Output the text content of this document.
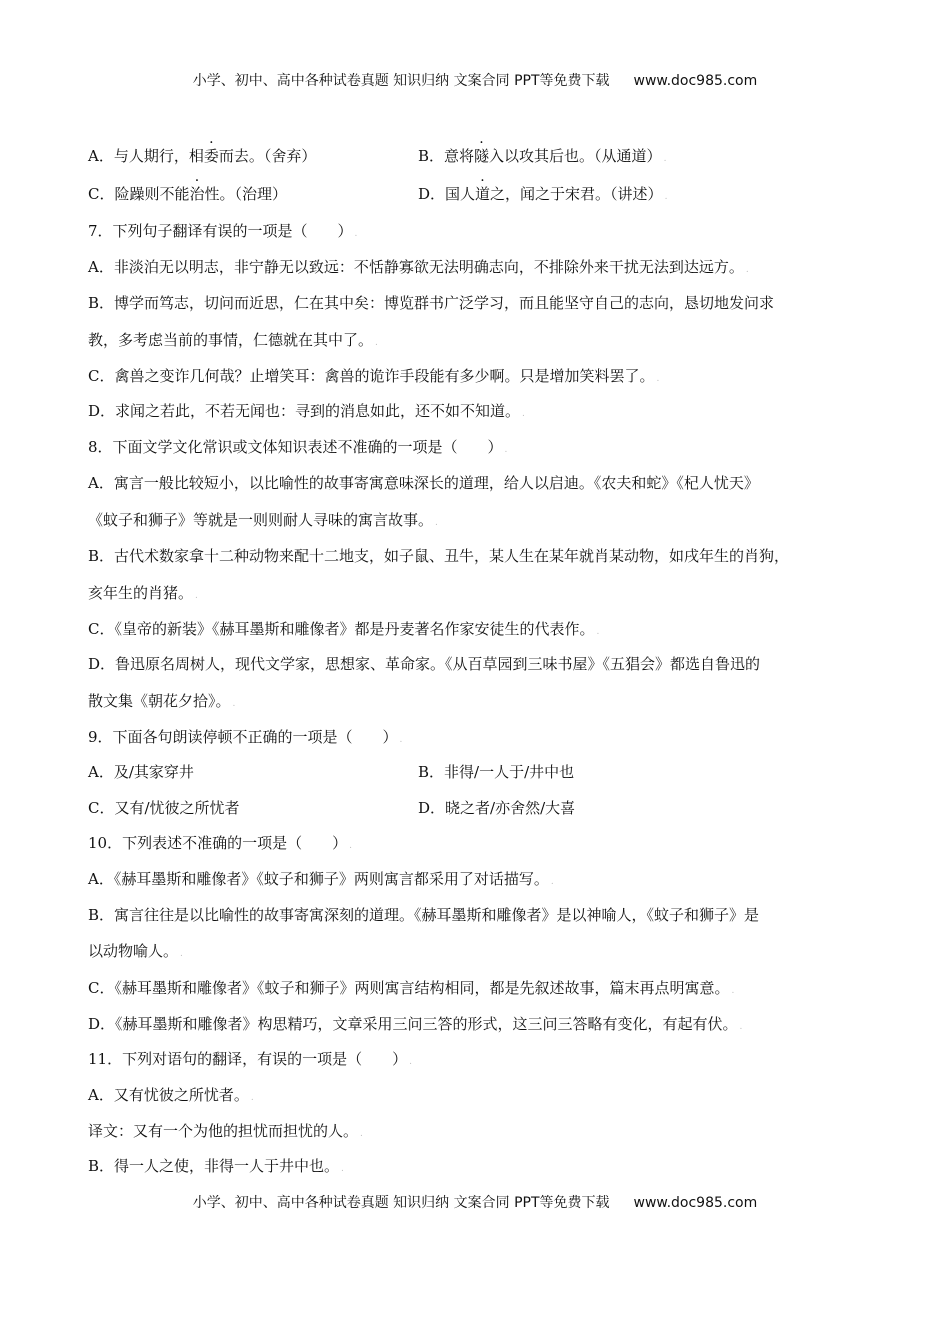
小学、初中、高中各种试卷真题 知识归纳 文案合同 PPT等免费下载 www.doc985.com
A．与人期行，相委而去。（舍弃）	B．意将隧入以攻其后也。（从通道） .
C．险躁则不能治性。（治理）	D．国人道之，闻之于宋君。（讲述） .
7．下列句子翻译有误的一项是（　　） .
A．非淡泊无以明志，非宁静无以致远：不恬静寡欲无法明确志向，不排除外来干扰无法到达远方。 .
B．博学而笃志，切问而近思，仁在其中矣：博览群书广泛学习，而且能坚守自己的志向，恳切地发问求
教，多考虑当前的事情，仁德就在其中了。 .
C．禽兽之变诈几何哉？止增笑耳：禽兽的诡诈手段能有多少啊。只是增加笑料罢了。 .
D．求闻之若此，不若无闻也：寻到的消息如此，还不如不知道。 .
8．下面文学文化常识或文体知识表述不准确的一项是（　　） .
A．寓言一般比较短小，以比喻性的故事寄寓意味深长的道理，给人以启迪。《农夫和蛇》《杞人忧天》
《蚊子和狮子》等就是一则则耐人寻味的寓言故事。 .
B．古代术数家拿十二种动物来配十二地支，如子鼠、丑牛，某人生在某年就肖某动物，如戌年生的肖狗，
亥年生的肖猪。 .
C．《皇帝的新装》《赫耳墨斯和雕像者》都是丹麦著名作家安徒生的代表作。 .
D．鲁迅原名周树人，现代文学家，思想家、革命家。《从百草园到三味书屋》《五猖会》都选自鲁迅的
散文集《朝花夕拾》。 .
9．下面各句朗读停顿不正确的一项是（　　） .
A．及/其家穿井	B．非得/一人于/井中也
C．又有/忧彼之所忧者	D．晓之者/亦舍然/大喜
10．下列表述不准确的一项是（　　） .
A．《赫耳墨斯和雕像者》《蚊子和狮子》两则寓言都采用了对话描写。 .
B．寓言往往是以比喻性的故事寄寓深刻的道理。《赫耳墨斯和雕像者》是以神喻人，《蚊子和狮子》是
以动物喻人。 .
C．《赫耳墨斯和雕像者》《蚊子和狮子》两则寓言结构相同，都是先叙述故事，篇末再点明寓意。 .
D．《赫耳墨斯和雕像者》构思精巧，文章采用三问三答的形式，这三问三答略有变化，有起有伏。 .
11．下列对语句的翻译，有误的一项是（　　） .
A．又有忧彼之所忧者。 .
译文：又有一个为他的担忧而担忧的人。 .
B．得一人之使，非得一人于井中也。 .
小学、初中、高中各种试卷真题 知识归纳 文案合同 PPT等免费下载 www.doc985.com
